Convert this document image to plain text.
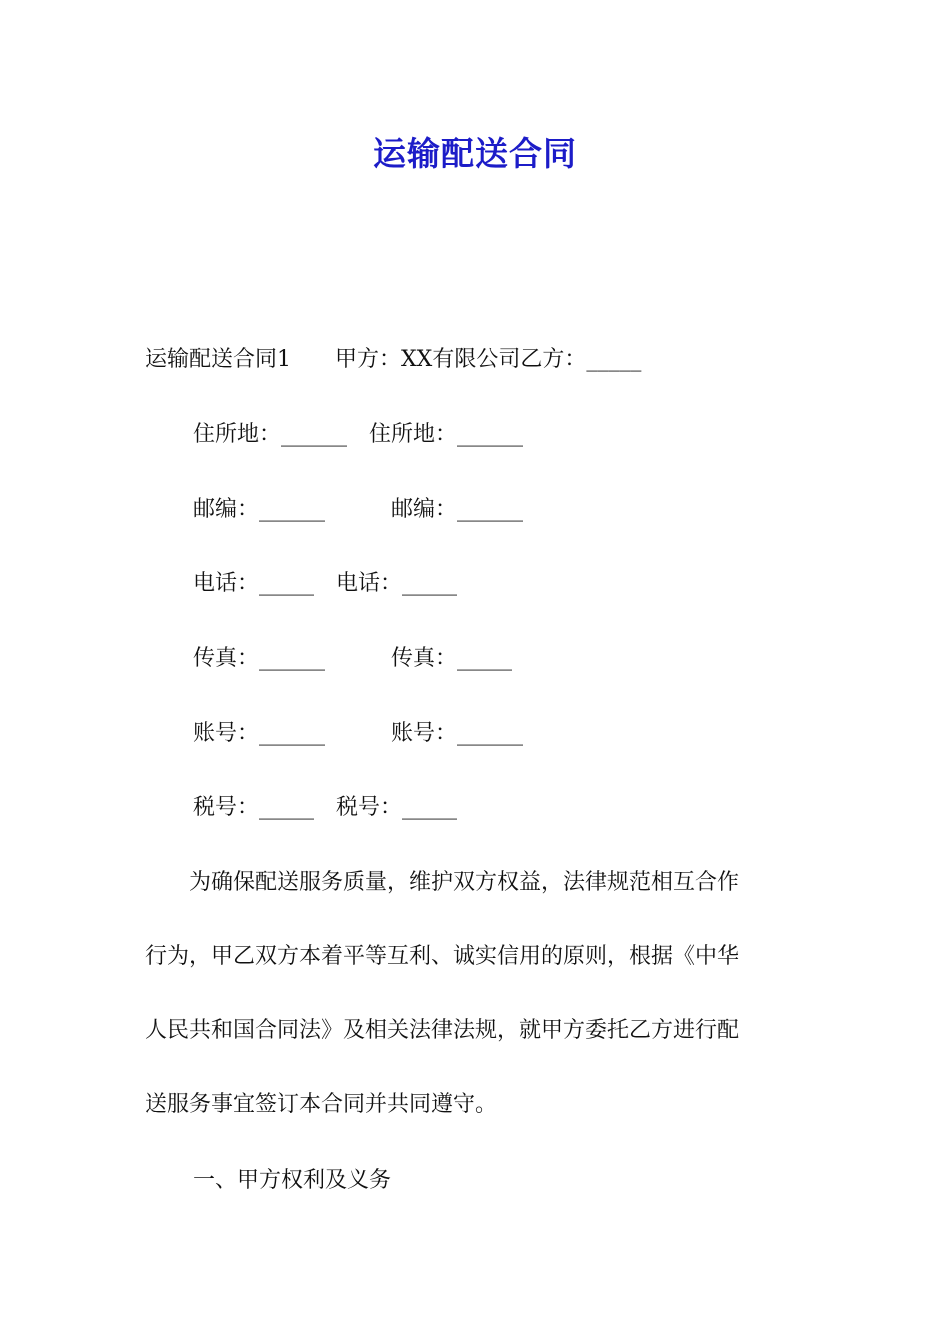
运输配送合同
运输配送合同1　　甲方：XX有限公司乙方：_____
住所地：______　住所地：______
邮编：______　　　邮编：______
电话：_____　电话：_____
传真：______　　　传真：_____
账号：______　　　账号：______
税号：_____　税号：_____
　　为确保配送服务质量，维护双方权益，法律规范相互合作
行为，甲乙双方本着平等互利、诚实信用的原则，根据《中华
人民共和国合同法》及相关法律法规，就甲方委托乙方进行配
送服务事宜签订本合同并共同遵守。
一、甲方权利及义务
